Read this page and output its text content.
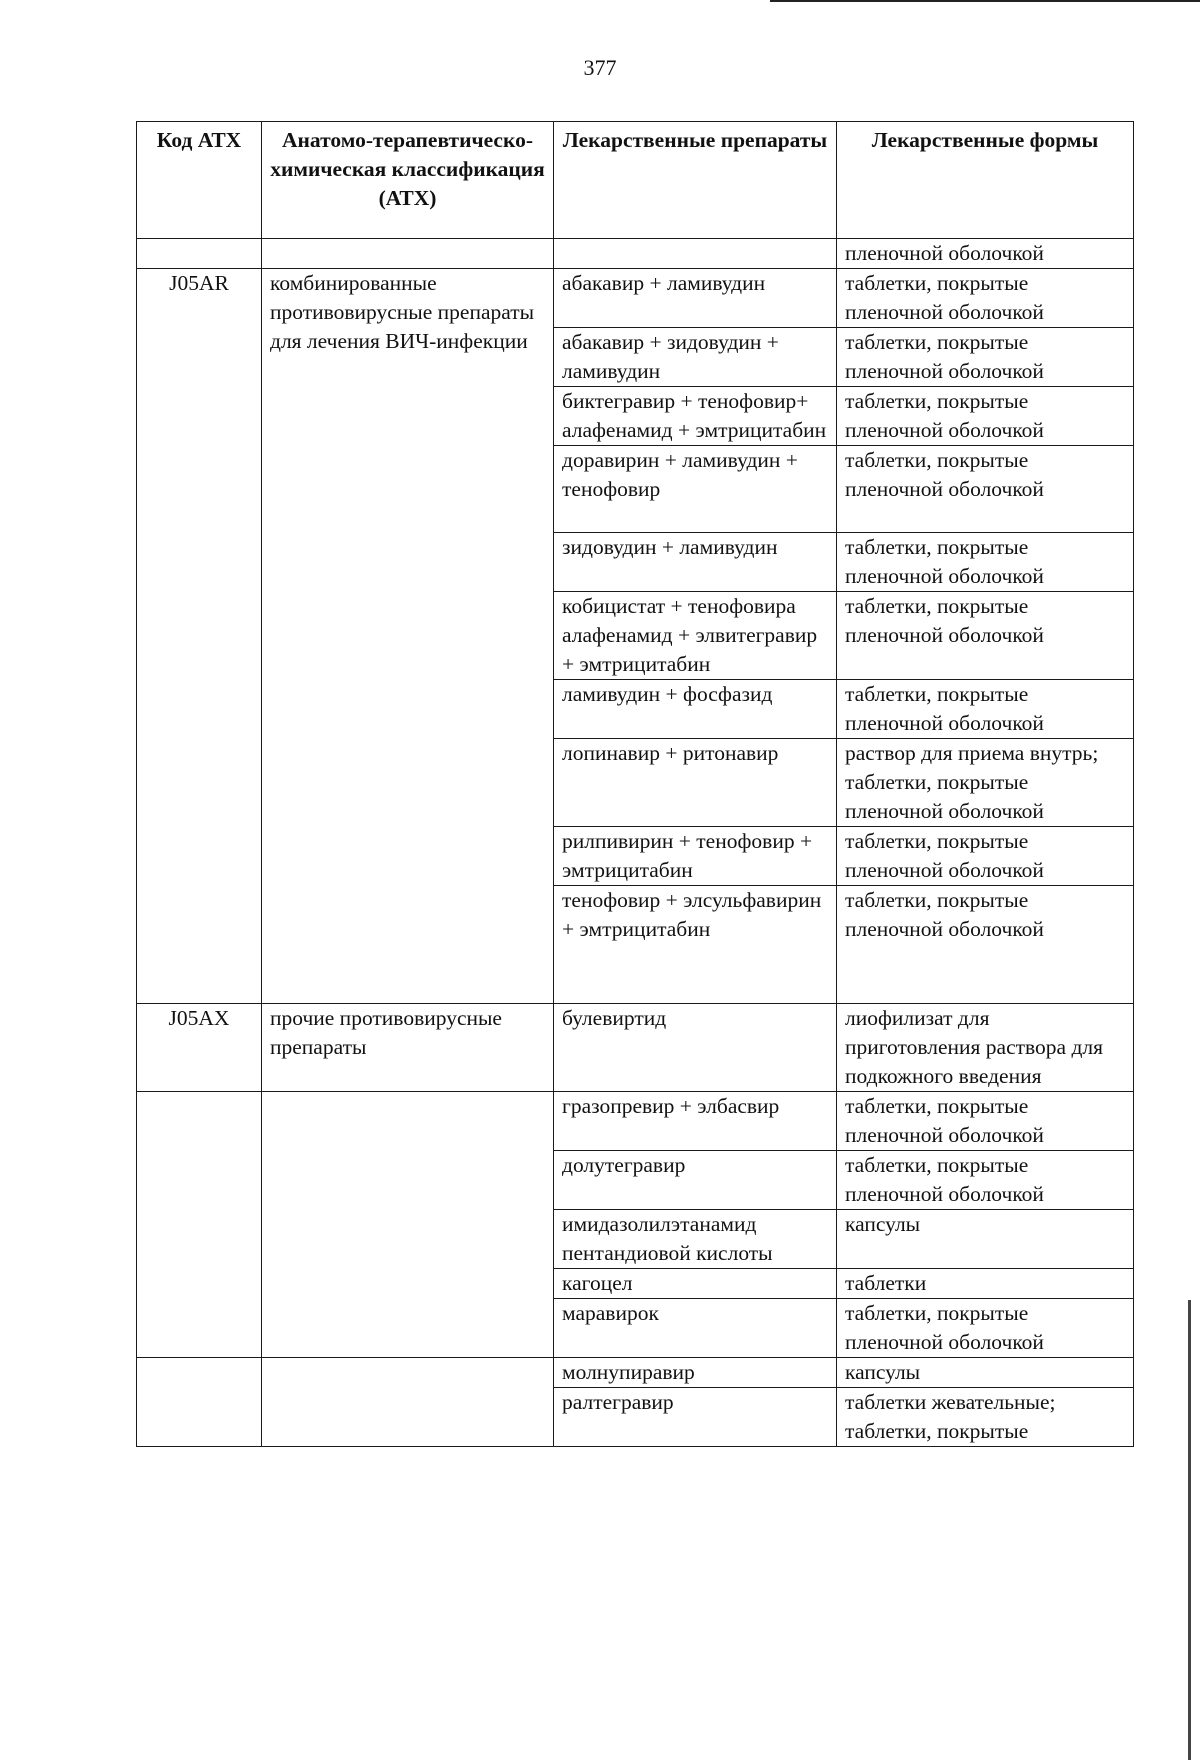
377
Код АТХ	Анатомо-терапевтическо-химическая классификация (АТХ)	Лекарственные препараты	Лекарственные формы
			пленочной оболочкой
J05AR	комбинированные противовирусные препараты для лечения ВИЧ-инфекции	абакавир + ламивудин	таблетки, покрытые пленочной оболочкой
		абакавир + зидовудин + ламивудин	таблетки, покрытые пленочной оболочкой
		биктегравир + тенофовир+ алафенамид + эмтрицитабин	таблетки, покрытые пленочной оболочкой
		доравирин + ламивудин + тенофовир	таблетки, покрытые пленочной оболочкой
		зидовудин + ламивудин	таблетки, покрытые пленочной оболочкой
		кобицистат + тенофовира алафенамид + элвитегравир + эмтрицитабин	таблетки, покрытые пленочной оболочкой
		ламивудин + фосфазид	таблетки, покрытые пленочной оболочкой
		лопинавир + ритонавир	раствор для приема внутрь; таблетки, покрытые пленочной оболочкой
		рилпивирин + тенофовир + эмтрицитабин	таблетки, покрытые пленочной оболочкой
		тенофовир + элсульфавирин + эмтрицитабин	таблетки, покрытые пленочной оболочкой
J05AX	прочие противовирусные препараты	булевиртид	лиофилизат для приготовления раствора для подкожного введения
		гразопревир + элбасвир	таблетки, покрытые пленочной оболочкой
		долутегравир	таблетки, покрытые пленочной оболочкой
		имидазолилэтанамид пентандиовой кислоты	капсулы
		кагоцел	таблетки
		маравирок	таблетки, покрытые пленочной оболочкой
		молнупиравир	капсулы
		ралтегравир	таблетки жевательные; таблетки, покрытые
